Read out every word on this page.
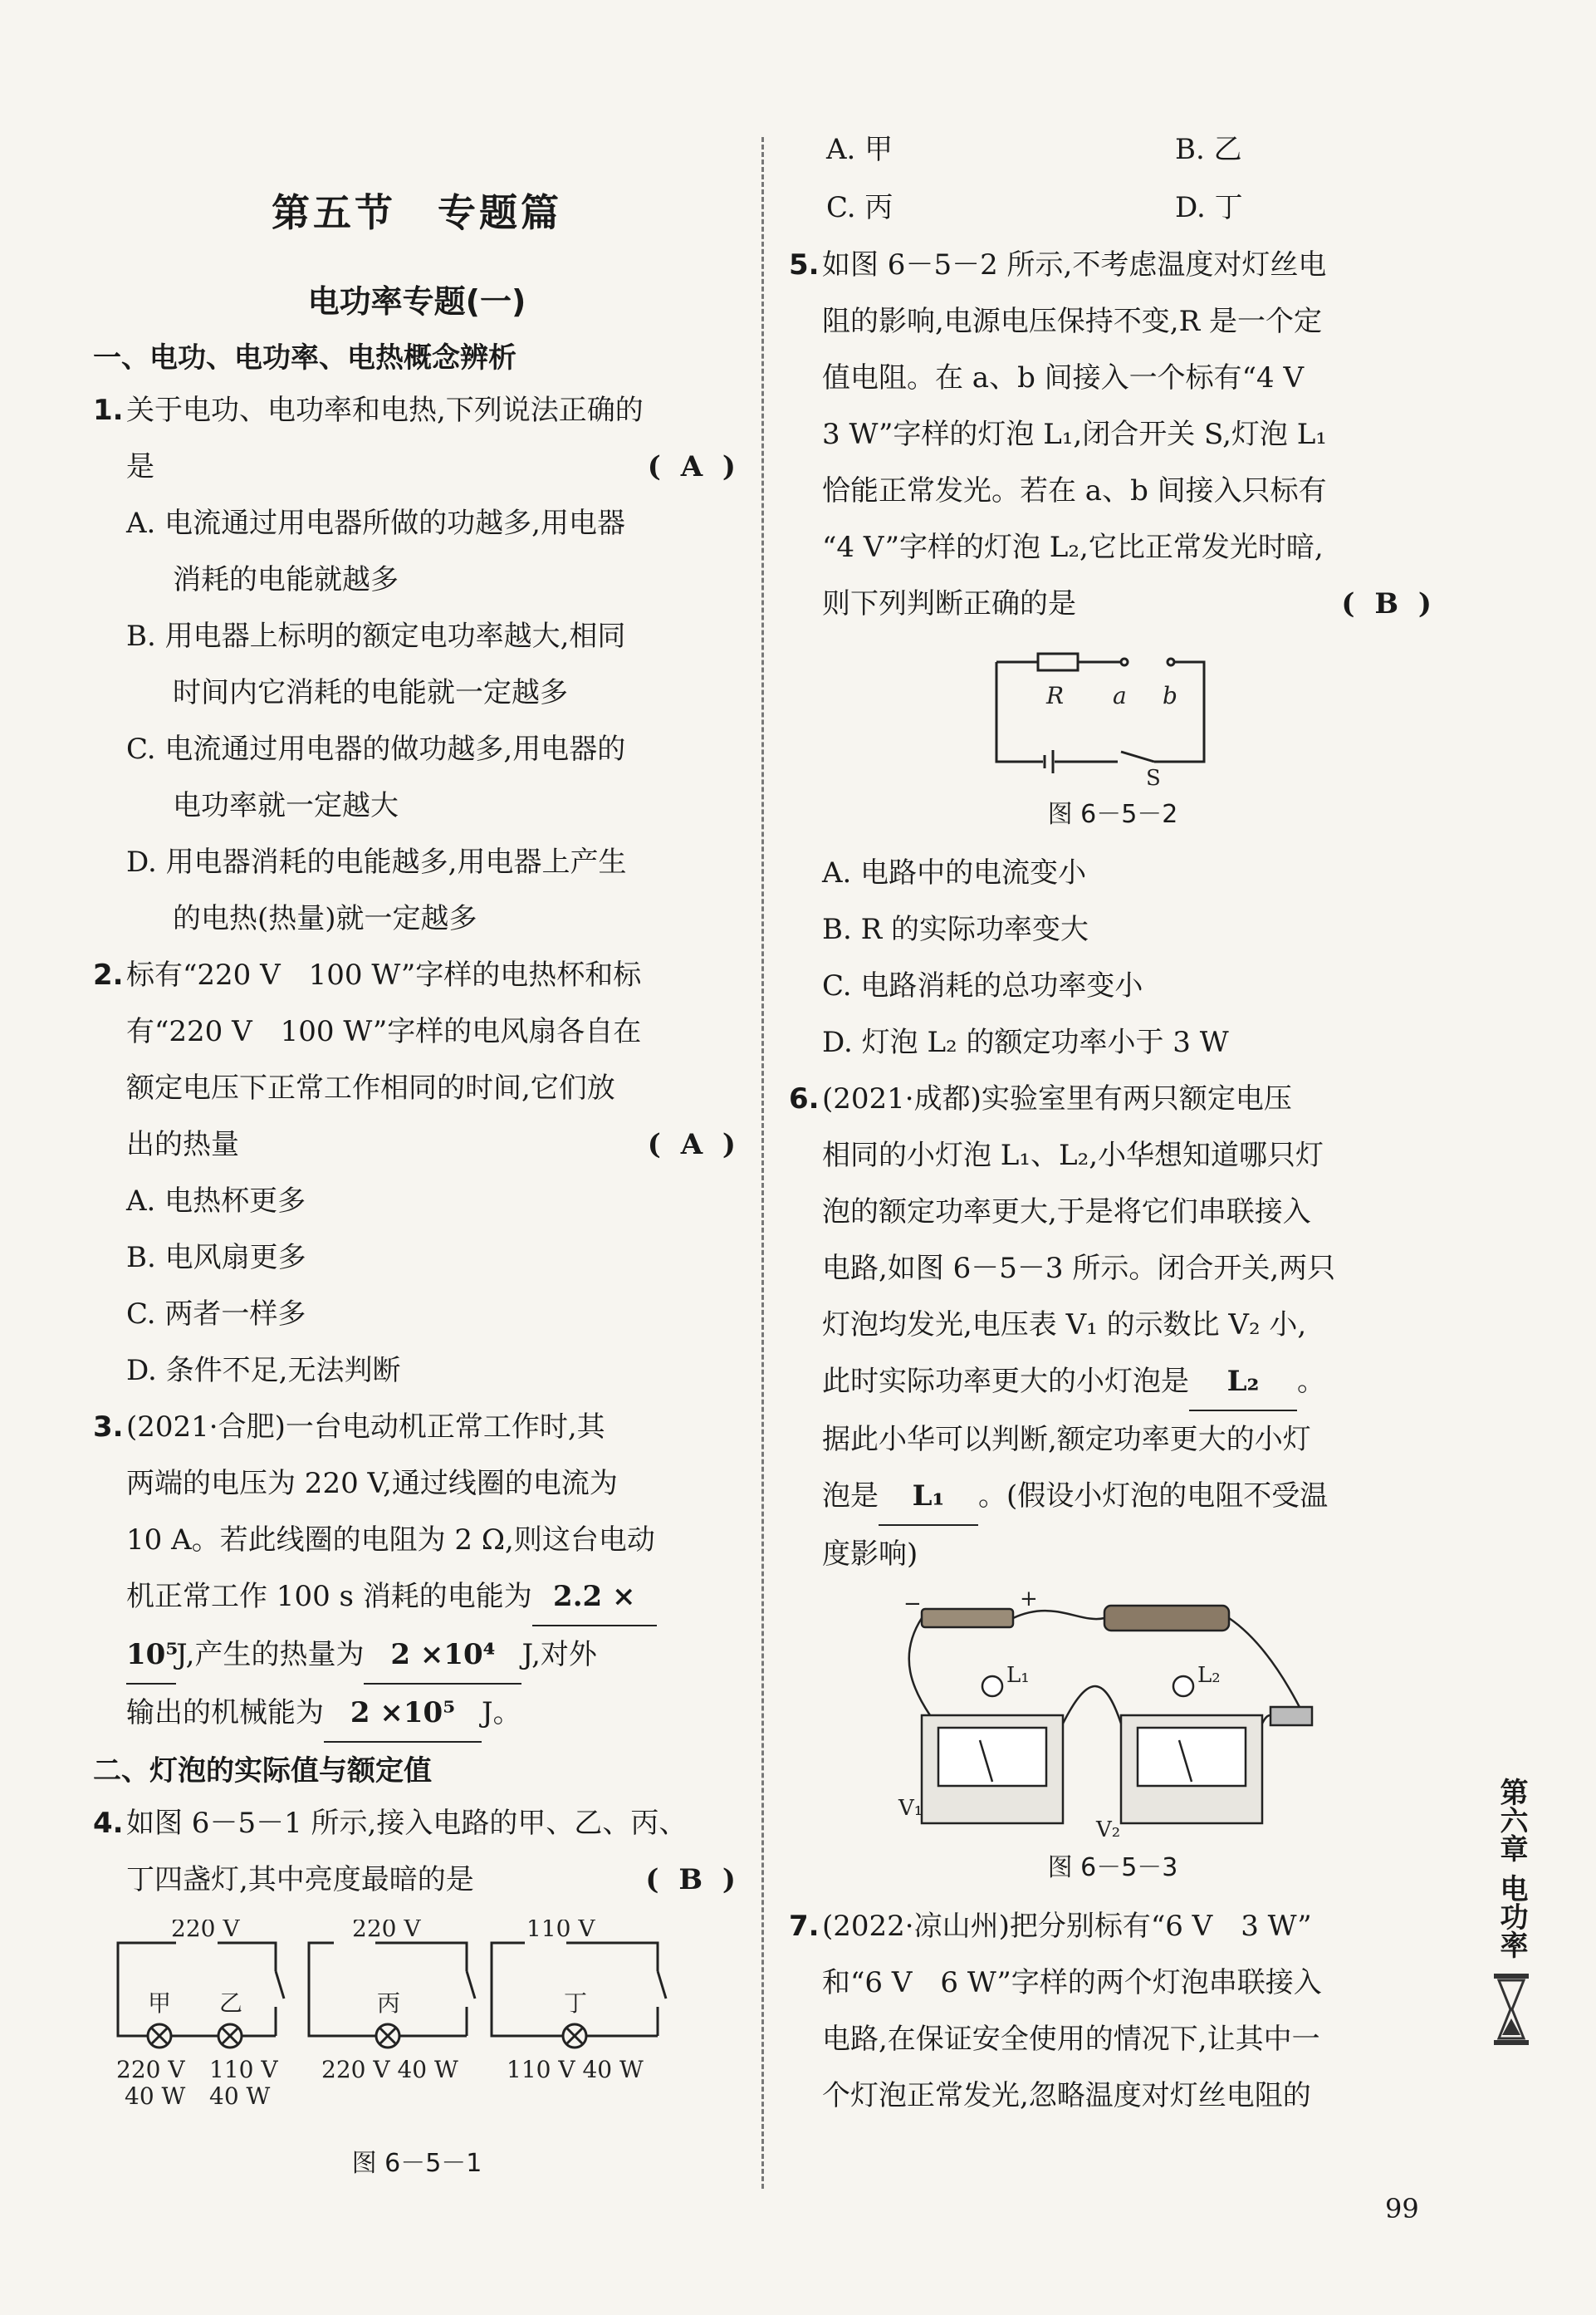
第五节　专题篇
电功率专题(一)
一、电功、电功率、电热概念辨析
1. 关于电功、电功率和电热,下列说法正确的
是	( A )
A. 电流通过用电器所做的功越多,用电器
消耗的电能就越多
B. 用电器上标明的额定电功率越大,相同
时间内它消耗的电能就一定越多
C. 电流通过用电器的做功越多,用电器的
电功率就一定越大
D. 用电器消耗的电能越多,用电器上产生
的电热(热量)就一定越多
2. 标有“220 V　100 W”字样的电热杯和标
有“220 V　100 W”字样的电风扇各自在
额定电压下正常工作相同的时间,它们放
出的热量	( A )
A. 电热杯更多
B. 电风扇更多
C. 两者一样多
D. 条件不足,无法判断
3. (2021·合肥)一台电动机正常工作时,其
两端的电压为 220 V,通过线圈的电流为
10 A。若此线圈的电阻为 2 Ω,则这台电动
机正常工作 100 s 消耗的电能为 2.2 ×
10⁵J,产生的热量为 2 ×10⁴ J,对外
输出的机械能为 2 ×10⁵ J。
二、灯泡的实际值与额定值
4. 如图 6－5－1 所示,接入电路的甲、乙、丙、
丁四盏灯,其中亮度最暗的是	( B )
220 V	220 V	110 V
甲 乙	丙	丁
220 V
40 W
110 V
40 W
220 V 40 W 110 V 40 W
图 6－5－1
A. 甲	B. 乙
C. 丙	D. 丁
5. 如图 6－5－2 所示,不考虑温度对灯丝电
阻的影响,电源电压保持不变,R 是一个定
值电阻。在 a、b 间接入一个标有“4 V
3 W”字样的灯泡 L₁,闭合开关 S,灯泡 L₁
恰能正常发光。若在 a、b 间接入只标有
“4 V”字样的灯泡 L₂,它比正常发光时暗,
则下列判断正确的是	( B )
R a b
S
图 6－5－2
A. 电路中的电流变小
B. R 的实际功率变大
C. 电路消耗的总功率变小
D. 灯泡 L₂ 的额定功率小于 3 W
6. (2021·成都)实验室里有两只额定电压
相同的小灯泡 L₁、L₂,小华想知道哪只灯
泡的额定功率更大,于是将它们串联接入
电路,如图 6－5－3 所示。闭合开关,两只
灯泡均发光,电压表 V₁ 的示数比 V₂ 小,
此时实际功率更大的小灯泡是 L₂ 。
据此小华可以判断,额定功率更大的小灯
泡是 L₁ 。(假设小灯泡的电阻不受温
度影响)
−	+
L₁	L₂
V₁
V₂
图 6－5－3
7. (2022·凉山州)把分别标有“6 V　3 W”
和“6 V　6 W”字样的两个灯泡串联接入
电路,在保证安全使用的情况下,让其中一
个灯泡正常发光,忽略温度对灯丝电阻的
第六章
电功率
99
